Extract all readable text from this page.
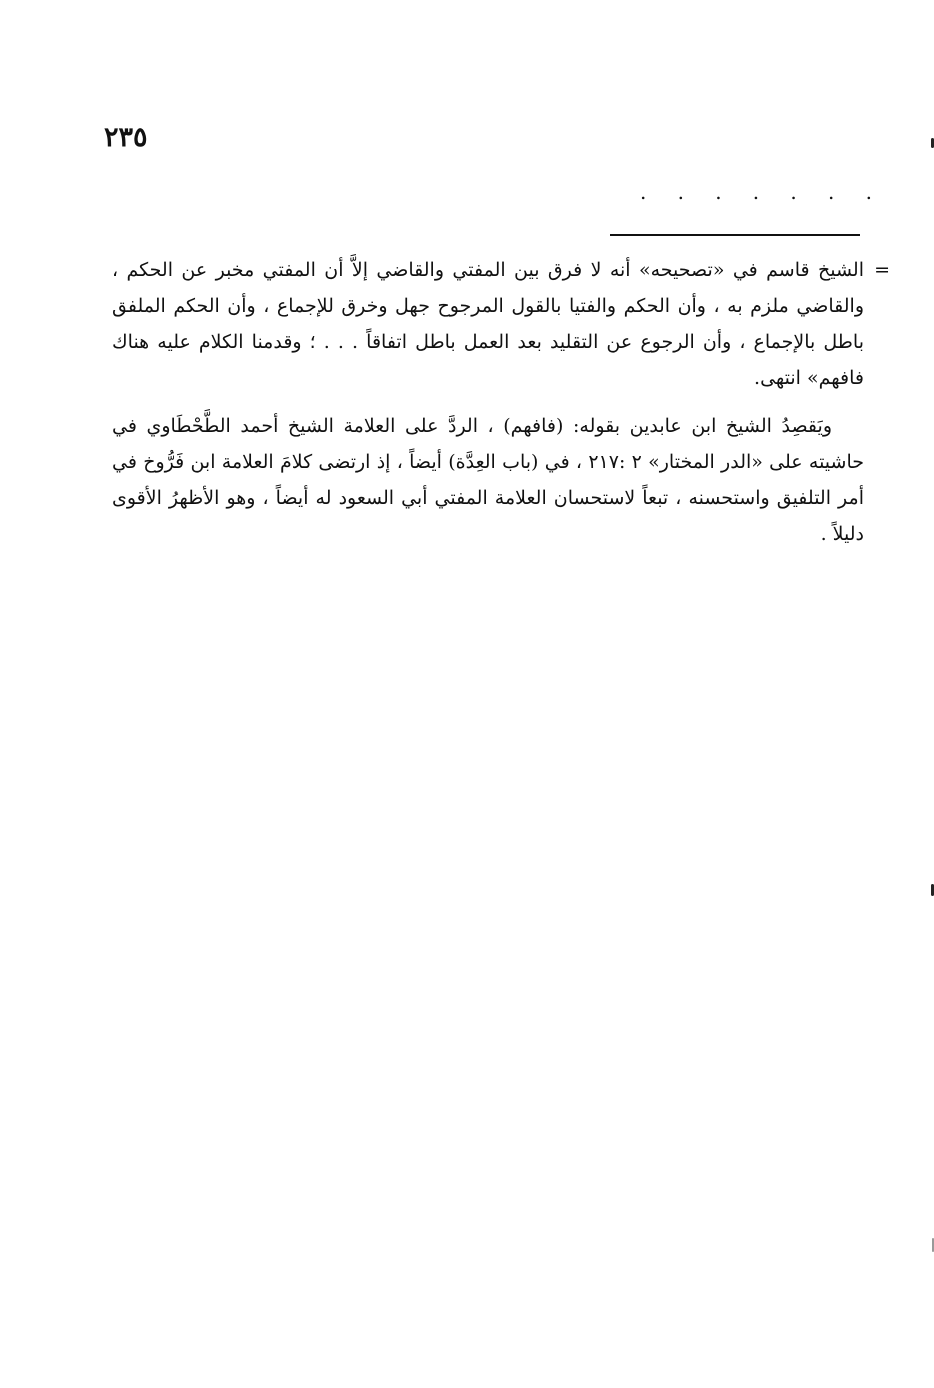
٢٣٥
. . . . . . .

=
الشيخ قاسم في «تصحيحه» أنه لا فرق بين المفتي والقاضي إلاَّ أن المفتي مخبر عن الحكم ، والقاضي ملزم به ، وأن الحكم والفتيا بالقول المرجوح جهل وخرق للإجماع ، وأن الحكم الملفق باطل بالإجماع ، وأن الرجوع عن التقليد بعد العمل باطل اتفاقاً . . . ؛ وقدمنا الكلام عليه هناك فافهم» انتهى.

ويَقصِدُ الشيخ ابن عابدين بقوله: (فافهم) ، الردَّ على العلامة الشيخ أحمد الطَّحْطَاوي في حاشيته على «الدر المختار» ٢ :٢١٧ ، في (باب العِدَّة) أيضاً ، إذ ارتضى كلامَ العلامة ابن فَرُّوخ في أمر التلفيق واستحسنه ، تبعاً لاستحسان العلامة المفتي أبي السعود له أيضاً ، وهو الأظهرُ الأقوى دليلاً .
